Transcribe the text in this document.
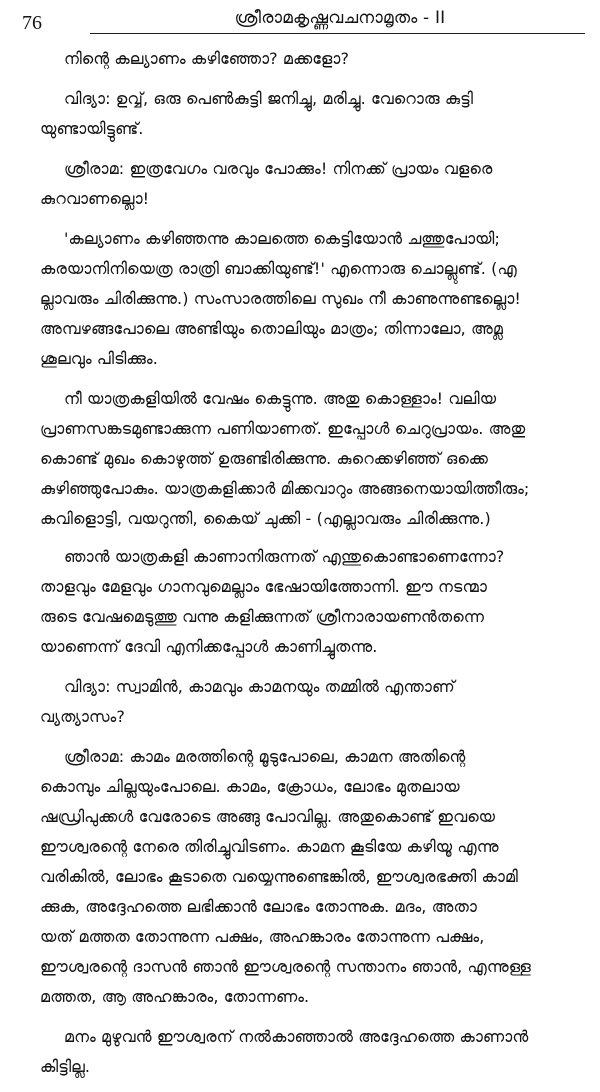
76	ശ്രീരാമകൃഷ്ണവചനാമൃതം - II
നിന്റെ കല്യാണം കഴിഞ്ഞോ? മക്കളോ?
വിദ്യാ: ഉവ്വ്, ഒരു പെൺകുട്ടി ജനിച്ചു, മരിച്ചു. വേറൊരു കുട്ടി
യുണ്ടായിട്ടുണ്ട്.
ശ്രീരാമ: ഇത്രവേഗം വരവും പോക്കും! നിനക്ക് പ്രായം വളരെ
കുറവാണല്ലൊ!
'കല്യാണം കഴിഞ്ഞന്നു കാലത്തെ കെട്ടിയോൻ ചത്തുപോയി;
കരയാനിനിയെത്ര രാത്രി ബാക്കിയുണ്ട്!' എന്നൊരു ചൊല്ലുണ്ട്. (എ
ല്ലാവരും ചിരിക്കുന്നു.) സംസാരത്തിലെ സുഖം നീ കാണുന്നുണ്ടല്ലൊ!
അമ്പഴങ്ങപോലെ അണ്ടിയും തൊലിയും മാത്രം; തിന്നാലോ, അമ്ല
ശൂലവും പിടിക്കും.
നീ യാത്രകളിയിൽ വേഷം കെട്ടുന്നു. അതു കൊള്ളാം! വലിയ
പ്രാണസങ്കടമുണ്ടാക്കുന്ന പണിയാണത്. ഇപ്പോൾ ചെറുപ്രായം. അതു
കൊണ്ട് മുഖം കൊഴുത്ത് ഉരുണ്ടിരിക്കുന്നു. കുറെക്കഴിഞ്ഞ് ഒക്കെ
കുഴിഞ്ഞുപോകും. യാത്രകളിക്കാർ മിക്കവാറും അങ്ങനെയായിത്തീരും;
കവിളൊട്ടി, വയറുന്തി, കൈയ് ചുക്കി - (എല്ലാവരും ചിരിക്കുന്നു.)
ഞാൻ യാത്രകളി കാണാനിരുന്നത് എന്തുകൊണ്ടാണെന്നോ?
താളവും മേളവും ഗാനവുമെല്ലാം ഭേഷായിത്തോന്നി. ഈ നടന്മാ
രുടെ വേഷമെടുത്തു വന്നു കളിക്കുന്നത് ശ്രീനാരായണൻതന്നെ
യാണെന്ന് ദേവി എനിക്കപ്പോൾ കാണിച്ചുതന്നു.
വിദ്യാ: സ്വാമിൻ, കാമവും കാമനയും തമ്മിൽ എന്താണ്
വ്യത്യാസം?
ശ്രീരാമ: കാമം മരത്തിന്റെ മൂടുപോലെ, കാമന അതിന്റെ
കൊമ്പും ചില്ലയുംപോലെ. കാമം, ക്രോധം, ലോഭം മുതലായ
ഷഡ്രിപുക്കൾ വേരോടെ അങ്ങു പോവില്ല. അതുകൊണ്ട് ഇവയെ
ഈശ്വരന്റെ നേരെ തിരിച്ചുവിടണം. കാമന കൂടിയേ കഴിയൂ എന്നു
വരികിൽ, ലോഭം കൂടാതെ വയ്യെന്നുണ്ടെങ്കിൽ, ഈശ്വരഭക്തി കാമി
ക്കുക, അദ്ദേഹത്തെ ലഭിക്കാൻ ലോഭം തോന്നുക. മദം, അതാ
യത് മത്തത തോന്നുന്ന പക്ഷം, അഹങ്കാരം തോന്നുന്ന പക്ഷം,
ഈശ്വരന്റെ ദാസൻ ഞാൻ ഈശ്വരന്റെ സന്താനം ഞാൻ, എന്നുള്ള
മത്തത, ആ അഹങ്കാരം, തോന്നണം.
മനം മുഴുവൻ ഈശ്വരന് നൽകാഞ്ഞാൽ അദ്ദേഹത്തെ കാണാൻ
കിട്ടില്ല.
